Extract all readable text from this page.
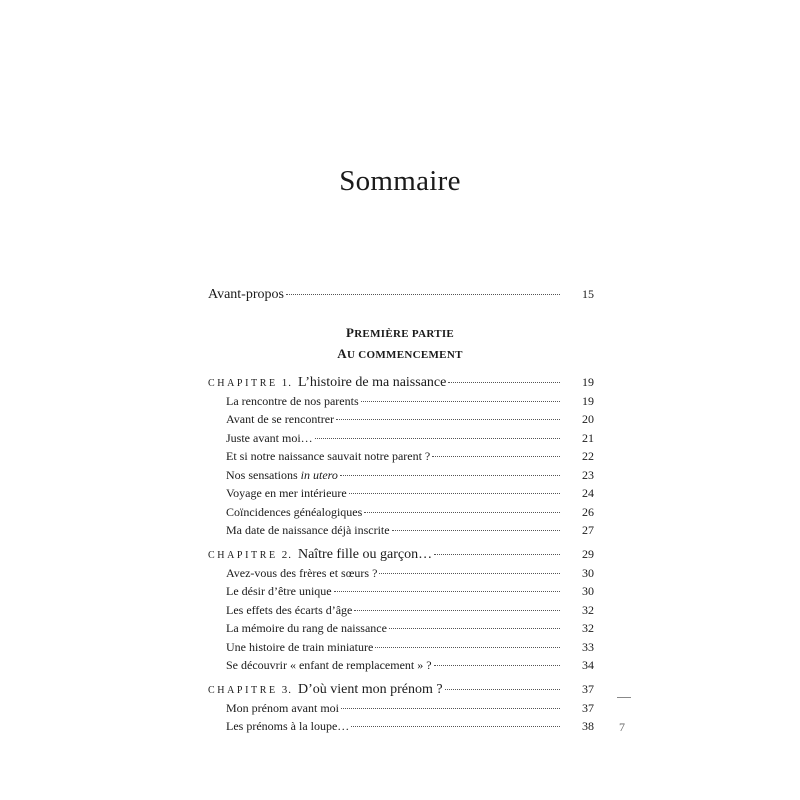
Sommaire
Avant-propos	15
PREMIÈRE PARTIE
AU COMMENCEMENT
CHAPITRE 1. L’histoire de ma naissance	19
La rencontre de nos parents	19
Avant de se rencontrer	20
Juste avant moi…	21
Et si notre naissance sauvait notre parent ?	22
Nos sensations in utero	23
Voyage en mer intérieure	24
Coïncidences généalogiques	26
Ma date de naissance déjà inscrite	27
CHAPITRE 2. Naître fille ou garçon…	29
Avez-vous des frères et sœurs ?	30
Le désir d’être unique	30
Les effets des écarts d’âge	32
La mémoire du rang de naissance	32
Une histoire de train miniature	33
Se découvrir « enfant de remplacement » ?	34
CHAPITRE 3. D’où vient mon prénom ?	37
Mon prénom avant moi	37
Les prénoms à la loupe…	38 7
